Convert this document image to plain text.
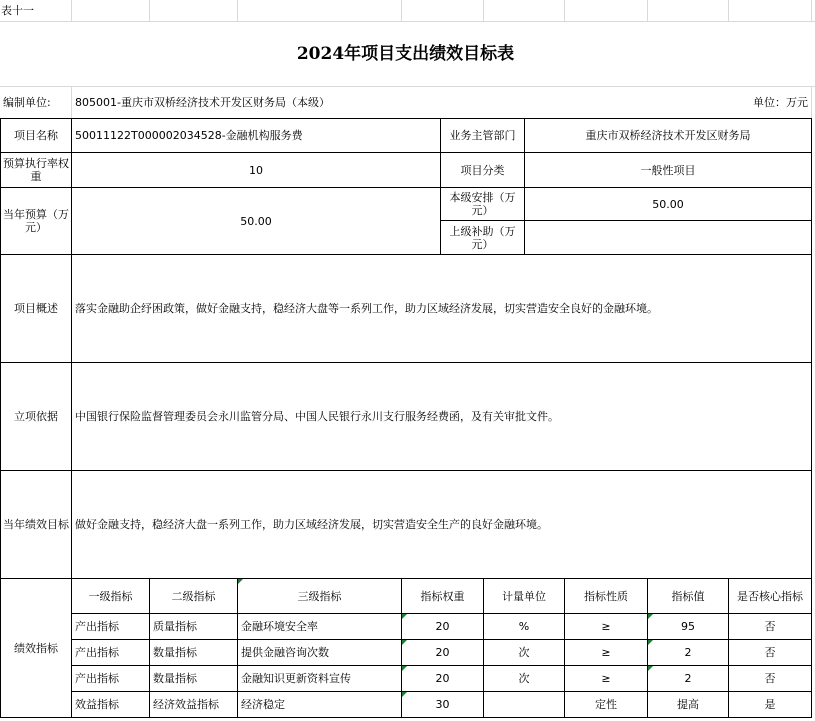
表十一
2024年项目支出绩效目标表
编制单位:	805001-重庆市双桥经济技术开发区财务局（本级）	单位：万元
项目名称	50011122T000002034528-金融机构服务费	业务主管部门	重庆市双桥经济技术开发区财务局
预算执行率权重	10	项目分类	一般性项目
当年预算（万元）	50.00
本级安排（万元）	50.00
上级补助（万元）
项目概述	落实金融助企纾困政策，做好金融支持，稳经济大盘等一系列工作，助力区域经济发展，切实营造安全良好的金融环境。
立项依据	中国银行保险监督管理委员会永川监管分局、中国人民银行永川支行服务经费函，及有关审批文件。
当年绩效目标 做好金融支持，稳经济大盘一系列工作，助力区域经济发展，切实营造安全生产的良好金融环境。
绩效指标
一级指标	二级指标	三级指标	指标权重	计量单位	指标性质	指标值	是否核心指标
产出指标	质量指标	金融环境安全率	20	%	≥	95	否
产出指标	数量指标	提供金融咨询次数	20	次	≥	2	否
产出指标	数量指标	金融知识更新资料宣传	20	次	≥	2	否
效益指标	经济效益指标	经济稳定	30	定性	提高	是
